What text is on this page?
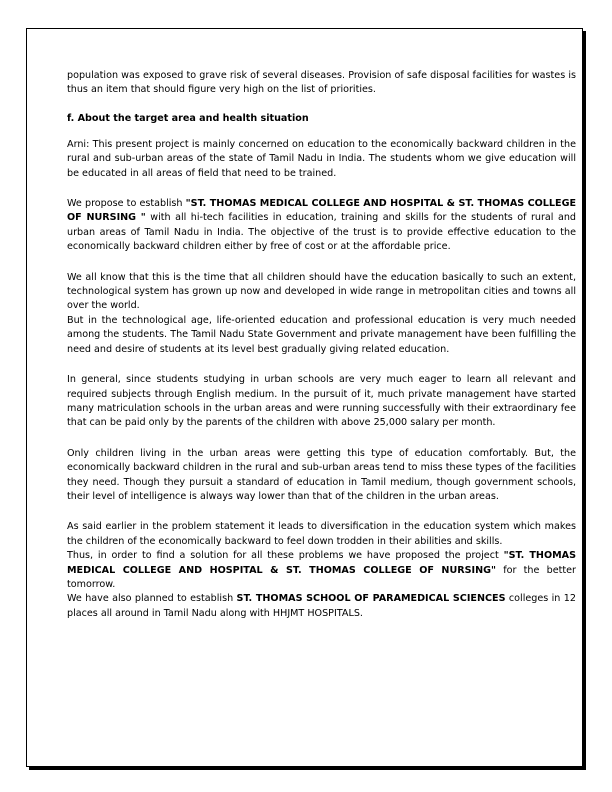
population was exposed to grave risk of several diseases. Provision of safe disposal facilities for wastes is thus an item that should figure very high on the list of priorities.

f. About the target area and health situation

Arni: This present project is mainly concerned on education to the economically backward children in the rural and sub-urban areas of the state of Tamil Nadu in India. The students whom we give education will be educated in all areas of field that need to be trained.

We propose to establish "ST. THOMAS MEDICAL COLLEGE AND HOSPITAL & ST. THOMAS COLLEGE OF NURSING " with all hi-tech facilities in education, training and skills for the students of rural and urban areas of Tamil Nadu in India. The objective of the trust is to provide effective education to the economically backward children either by free of cost or at the affordable price.

We all know that this is the time that all children should have the education basically to such an extent, technological system has grown up now and developed in wide range in metropolitan cities and towns all over the world.

But in the technological age, life-oriented education and professional education is very much needed among the students. The Tamil Nadu State Government and private management have been fulfilling the need and desire of students at its level best gradually giving related education.

In general, since students studying in urban schools are very much eager to learn all relevant and required subjects through English medium. In the pursuit of it, much private management have started many matriculation schools in the urban areas and were running successfully with their extraordinary fee that can be paid only by the parents of the children with above 25,000 salary per month.

Only children living in the urban areas were getting this type of education comfortably. But, the economically backward children in the rural and sub-urban areas tend to miss these types of the facilities they need. Though they pursuit a standard of education in Tamil medium, though government schools, their level of intelligence is always way lower than that of the children in the urban areas.

As said earlier in the problem statement it leads to diversification in the education system which makes the children of the economically backward to feel down trodden in their abilities and skills.

Thus, in order to find a solution for all these problems we have proposed the project "ST. THOMAS MEDICAL COLLEGE AND HOSPITAL & ST. THOMAS COLLEGE OF NURSING" for the better tomorrow.

We have also planned to establish ST. THOMAS SCHOOL OF PARAMEDICAL SCIENCES colleges in 12 places all around in Tamil Nadu along with HHJMT HOSPITALS.
